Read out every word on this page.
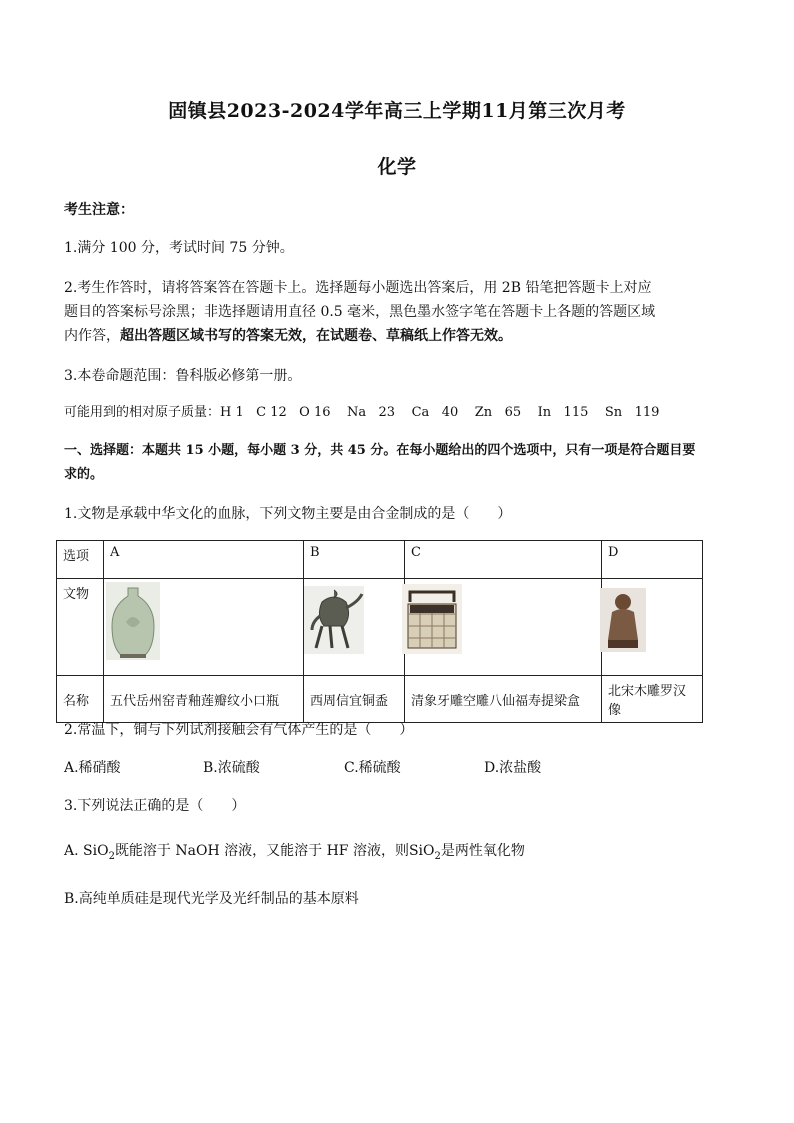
固镇县2023-2024学年高三上学期11月第三次月考
化学
考生注意：
1.满分 100 分，考试时间 75 分钟。
2.考生作答时，请将答案答在答题卡上。选择题每小题选出答案后，用 2B 铅笔把答题卡上对应
题目的答案标号涂黑；非选择题请用直径 0.5 毫米，黑色墨水签字笔在答题卡上各题的答题区域
内作答，超出答题区域书写的答案无效，在试题卷、草稿纸上作答无效。
3.本卷命题范围：鲁科版必修第一册。
可能用到的相对原子质量：H 1   C 12   O 16    Na   23    Ca   40    Zn   65    In   115    Sn   119
一、选择题：本题共 15 小题，每小题 3 分，共 45 分。在每小题给出的四个选项中，只有一项是符合题目要
求的。
1.文物是承载中华文化的血脉，下列文物主要是由合金制成的是（　　）
选项	A	B	C	D
文物				
名称	五代岳州窑青釉莲瓣纹小口瓶	西周信宜铜盉	清象牙雕空雕八仙福寿提梁盒	北宋木雕罗汉像
2.常温下，铜与下列试剂接触会有气体产生的是（　　）
A.稀硝酸	B.浓硫酸	C.稀硫酸	D.浓盐酸
3.下列说法正确的是（　　）
A. SiO$_2$既能溶于 NaOH 溶液，又能溶于 HF 溶液，则SiO$_2$是两性氧化物
B.高纯单质硅是现代光学及光纤制品的基本原料
